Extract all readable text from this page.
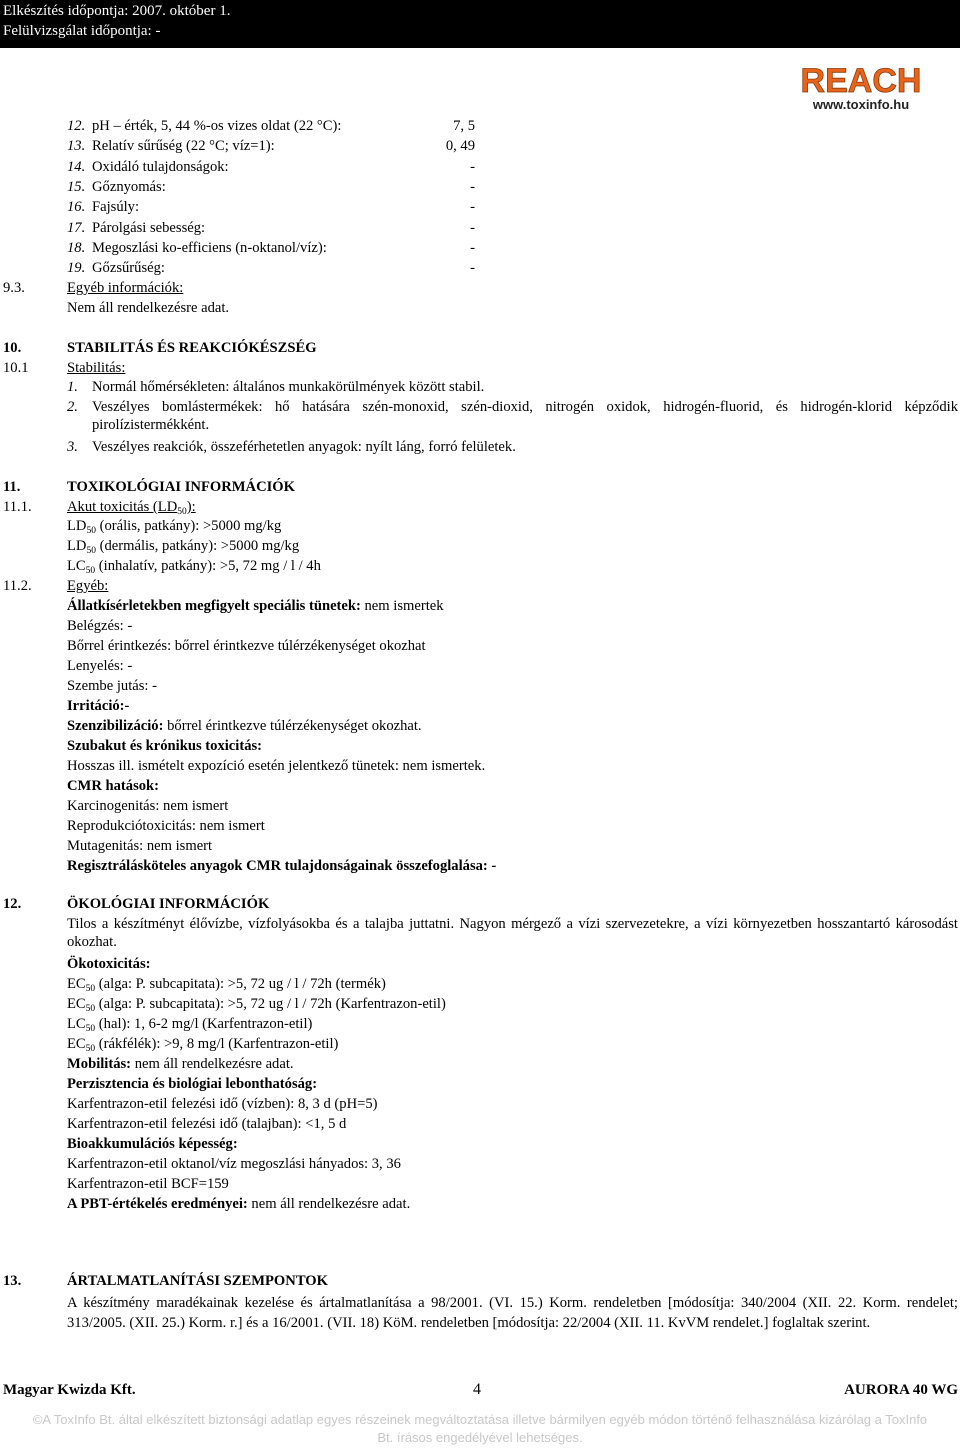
Elkészítés időpontja: 2007. október 1.
Felülvizsgálat időpontja: -
REACH
www.toxinfo.hu
12. pH – érték, 5, 44 %-os vizes oldat (22 °C):	7, 5
13. Relatív sűrűség (22 °C; víz=1):	0, 49
14. Oxidáló tulajdonságok:	-
15. Gőznyomás:	-
16. Fajsúly:	-
17. Párolgási sebesség:	-
18. Megoszlási ko-efficiens (n-oktanol/víz):	-
19. Gőzsűrűség:	-
9.3.	Egyéb információk:
Nem áll rendelkezésre adat.
10.	STABILITÁS ÉS REAKCIÓKÉSZSÉG
10.1	Stabilitás:
1. Normál hőmérsékleten: általános munkakörülmények között stabil.
2. Veszélyes bomlástermékek: hő hatására szén-monoxid, szén-dioxid, nitrogén oxidok, hidrogén-fluorid, és hidrogén-klorid képződik pirolízistermékként.
3. Veszélyes reakciók, összeférhetetlen anyagok: nyílt láng, forró felületek.
11.	TOXIKOLÓGIAI INFORMÁCIÓK
11.1. Akut toxicitás $(LD_{50})$:
$LD_{50}$ (orális, patkány): >5000 mg/kg
$LD_{50}$ (dermális, patkány): >5000 mg/kg
$LC_{50}$ (inhalatív, patkány): >5, 72 mg / l / 4h
11.2. Egyéb:
Állatkísérletekben megfigyelt speciális tünetek: nem ismertek
Belégzés: -
Bőrrel érintkezés: bőrrel érintkezve túlérzékenységet okozhat
Lenyelés: -
Szembe jutás: -
Irritáció:-
Szenzibilizáció: bőrrel érintkezve túlérzékenységet okozhat.
Szubakut és krónikus toxicitás:
Hosszas ill. ismételt expozíció esetén jelentkező tünetek: nem ismertek.
CMR hatások:
Karcinogenitás: nem ismert
Reprodukciótoxicitás: nem ismert
Mutagenitás: nem ismert
Regisztrálásköteles anyagok CMR tulajdonságainak összefoglalása: -
12.	ÖKOLÓGIAI INFORMÁCIÓK
Tilos a készítményt élővízbe, vízfolyásokba és a talajba juttatni. Nagyon mérgező a vízi szervezetekre, a vízi környezetben hosszantartó károsodást okozhat.
Ökotoxicitás:
$EC_{50}$ (alga: P. subcapitata): >5, 72 ug / l / 72h (termék)
$EC_{50}$ (alga: P. subcapitata): >5, 72 ug / l / 72h (Karfentrazon-etil)
$LC_{50}$ (hal): 1, 6-2 mg/l (Karfentrazon-etil)
$EC_{50}$ (rákfélék): >9, 8 mg/l (Karfentrazon-etil)
Mobilitás: nem áll rendelkezésre adat.
Perzisztencia és biológiai lebonthatóság:
Karfentrazon-etil felezési idő (vízben): 8, 3 d (pH=5)
Karfentrazon-etil felezési idő (talajban): <1, 5 d
Bioakkumulációs képesség:
Karfentrazon-etil oktanol/víz megoszlási hányados: 3, 36
Karfentrazon-etil BCF=159
A PBT-értékelés eredményei: nem áll rendelkezésre adat.
13.	ÁRTALMATLANÍTÁSI SZEMPONTOK
A készítmény maradékainak kezelése és ártalmatlanítása a 98/2001. (VI. 15.) Korm. rendeletben [módosítja: 340/2004 (XII. 22. Korm. rendelet; 313/2005. (XII. 25.) Korm. r.] és a 16/2001. (VII. 18) KöM. rendeletben [módosítja: 22/2004 (XII. 11. KvVM rendelet.] foglaltak szerint.
Magyar Kwizda Kft.	4	AURORA 40 WG
©A ToxInfo Bt. által elkészített biztonsági adatlap egyes részeinek megváltoztatása illetve bármilyen egyéb módon történő felhasználása kizárólag a ToxInfo
Bt. írásos engedélyével lehetséges.
